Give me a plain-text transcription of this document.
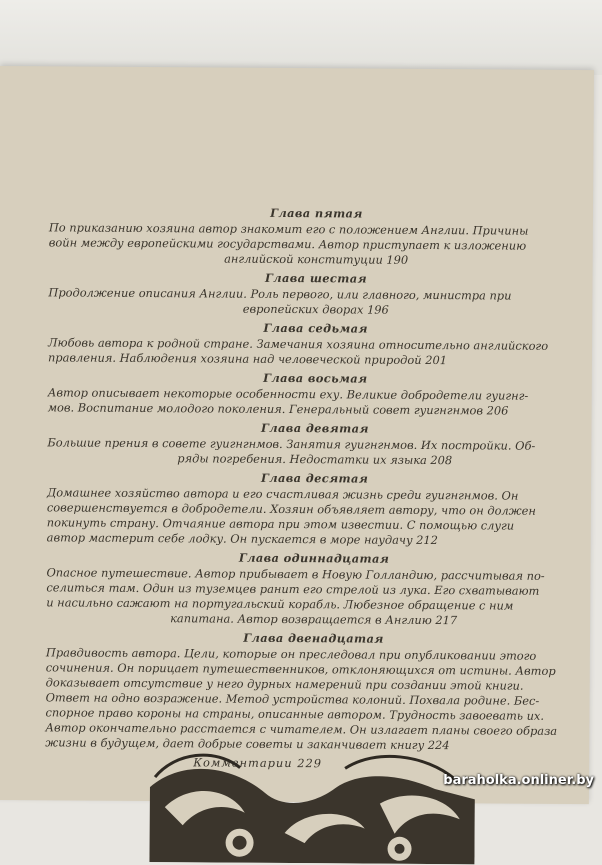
Глава пятая

По приказанию хозяина автор знакомит его с положением Англии. Причины

войн между европейскими государствами. Автор приступает к изложению

английской конституции 190

Глава шестая

Продолжение описания Англии. Роль первого, или главного, министра при

европейских дворах 196

Глава седьмая

Любовь автора к родной стране. Замечания хозяина относительно английского

правления. Наблюдения хозяина над человеческой природой 201

Глава восьмая

Автор описывает некоторые особенности еху. Великие добродетели гуигнг-

мов. Воспитание молодого поколения. Генеральный совет гуигнгнмов 206

Глава девятая

Большие прения в совете гуигнгнмов. Занятия гуигнгнмов. Их постройки. Об-

ряды погребения. Недостатки их языка 208

Глава десятая

Домашнее хозяйство автора и его счастливая жизнь среди гуигнгнмов. Он

совершенствуется в добродетели. Хозяин объявляет автору, что он должен

покинуть страну. Отчаяние автора при этом известии. С помощью слуги

автор мастерит себе лодку. Он пускается в море наудачу 212

Глава одиннадцатая

Опасное путешествие. Автор прибывает в Новую Голландию, рассчитывая по-

селиться там. Один из туземцев ранит его стрелой из лука. Его схватывают

и насильно сажают на португальский корабль. Любезное обращение с ним

капитана. Автор возвращается в Англию 217

Глава двенадцатая

Правдивость автора. Цели, которые он преследовал при опубликовании этого

сочинения. Он порицает путешественников, отклоняющихся от истины. Автор

доказывает отсутствие у него дурных намерений при создании этой книги.

Ответ на одно возражение. Метод устройства колоний. Похвала родине. Бес-

спорное право короны на страны, описанные автором. Трудность завоевать их.

Автор окончательно расстается с читателем. Он излагает планы своего образа

жизни в будущем, дает добрые советы и заканчивает книгу 224

Комментарии 229
baraholka.onliner.by
